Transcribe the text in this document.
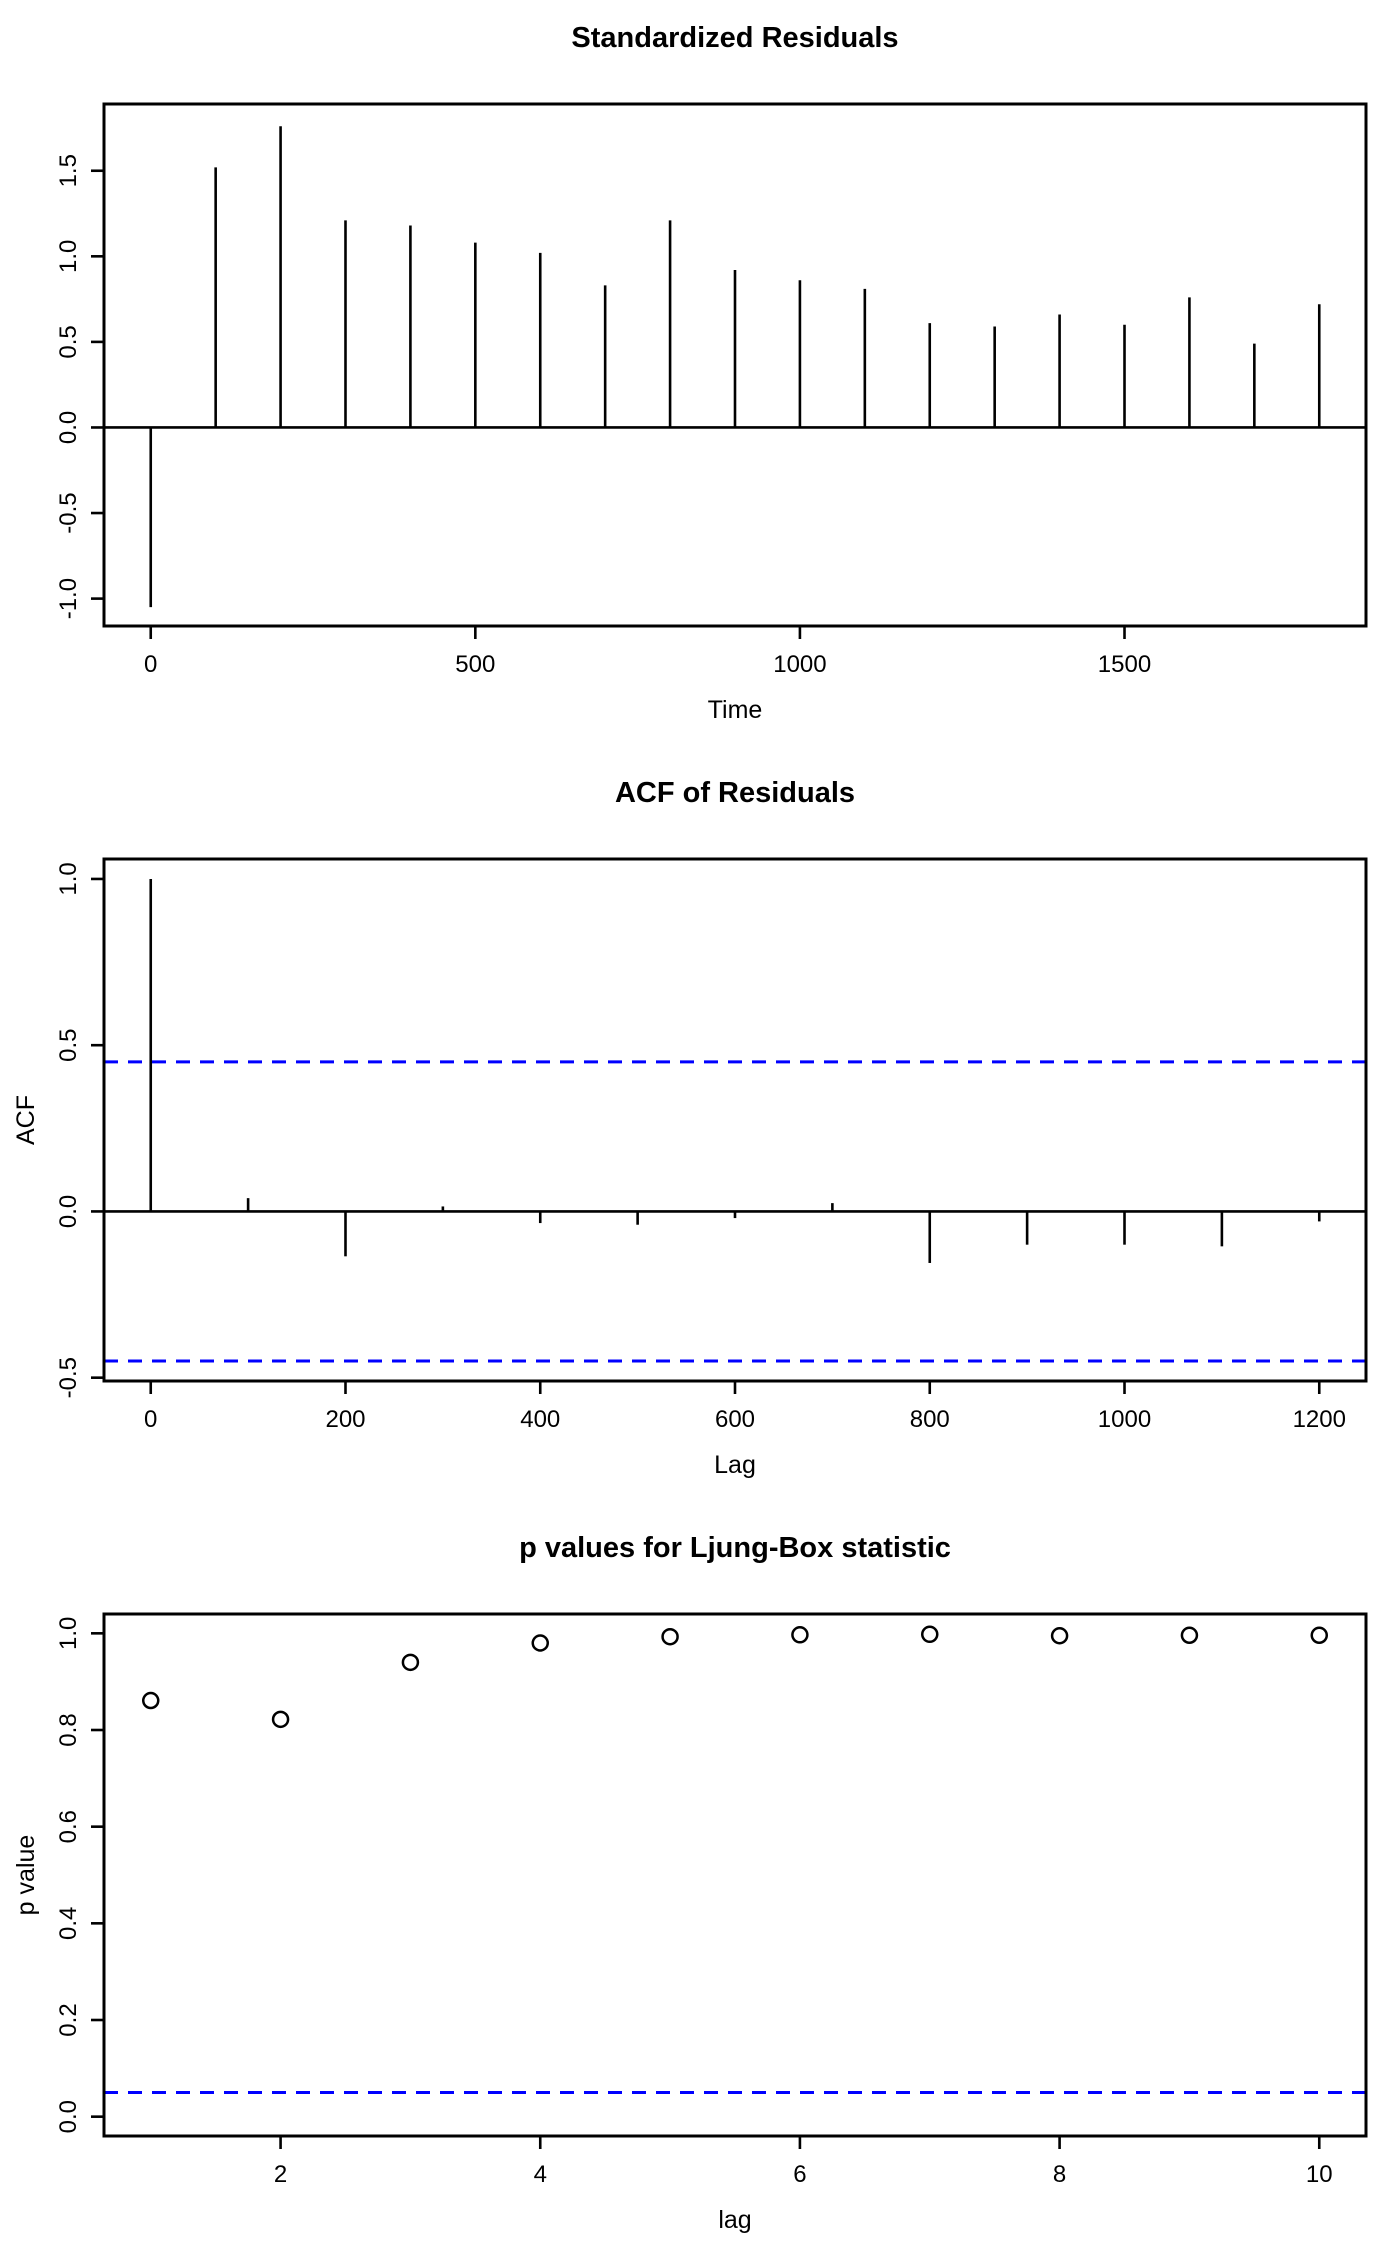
Standardized Residuals
0	500	1000	1500
-1.0
-0.5
0.0
0.5
1.0
1.5
Time
ACF of Residuals
0	200	400	600	800	1000	1200
-0.5
0.0
0.5
1.0
ACF
Lag
p values for Ljung-Box statistic
2	4	6	8	10
0.0
0.2
0.4
0.6
0.8
1.0
p value
lag
